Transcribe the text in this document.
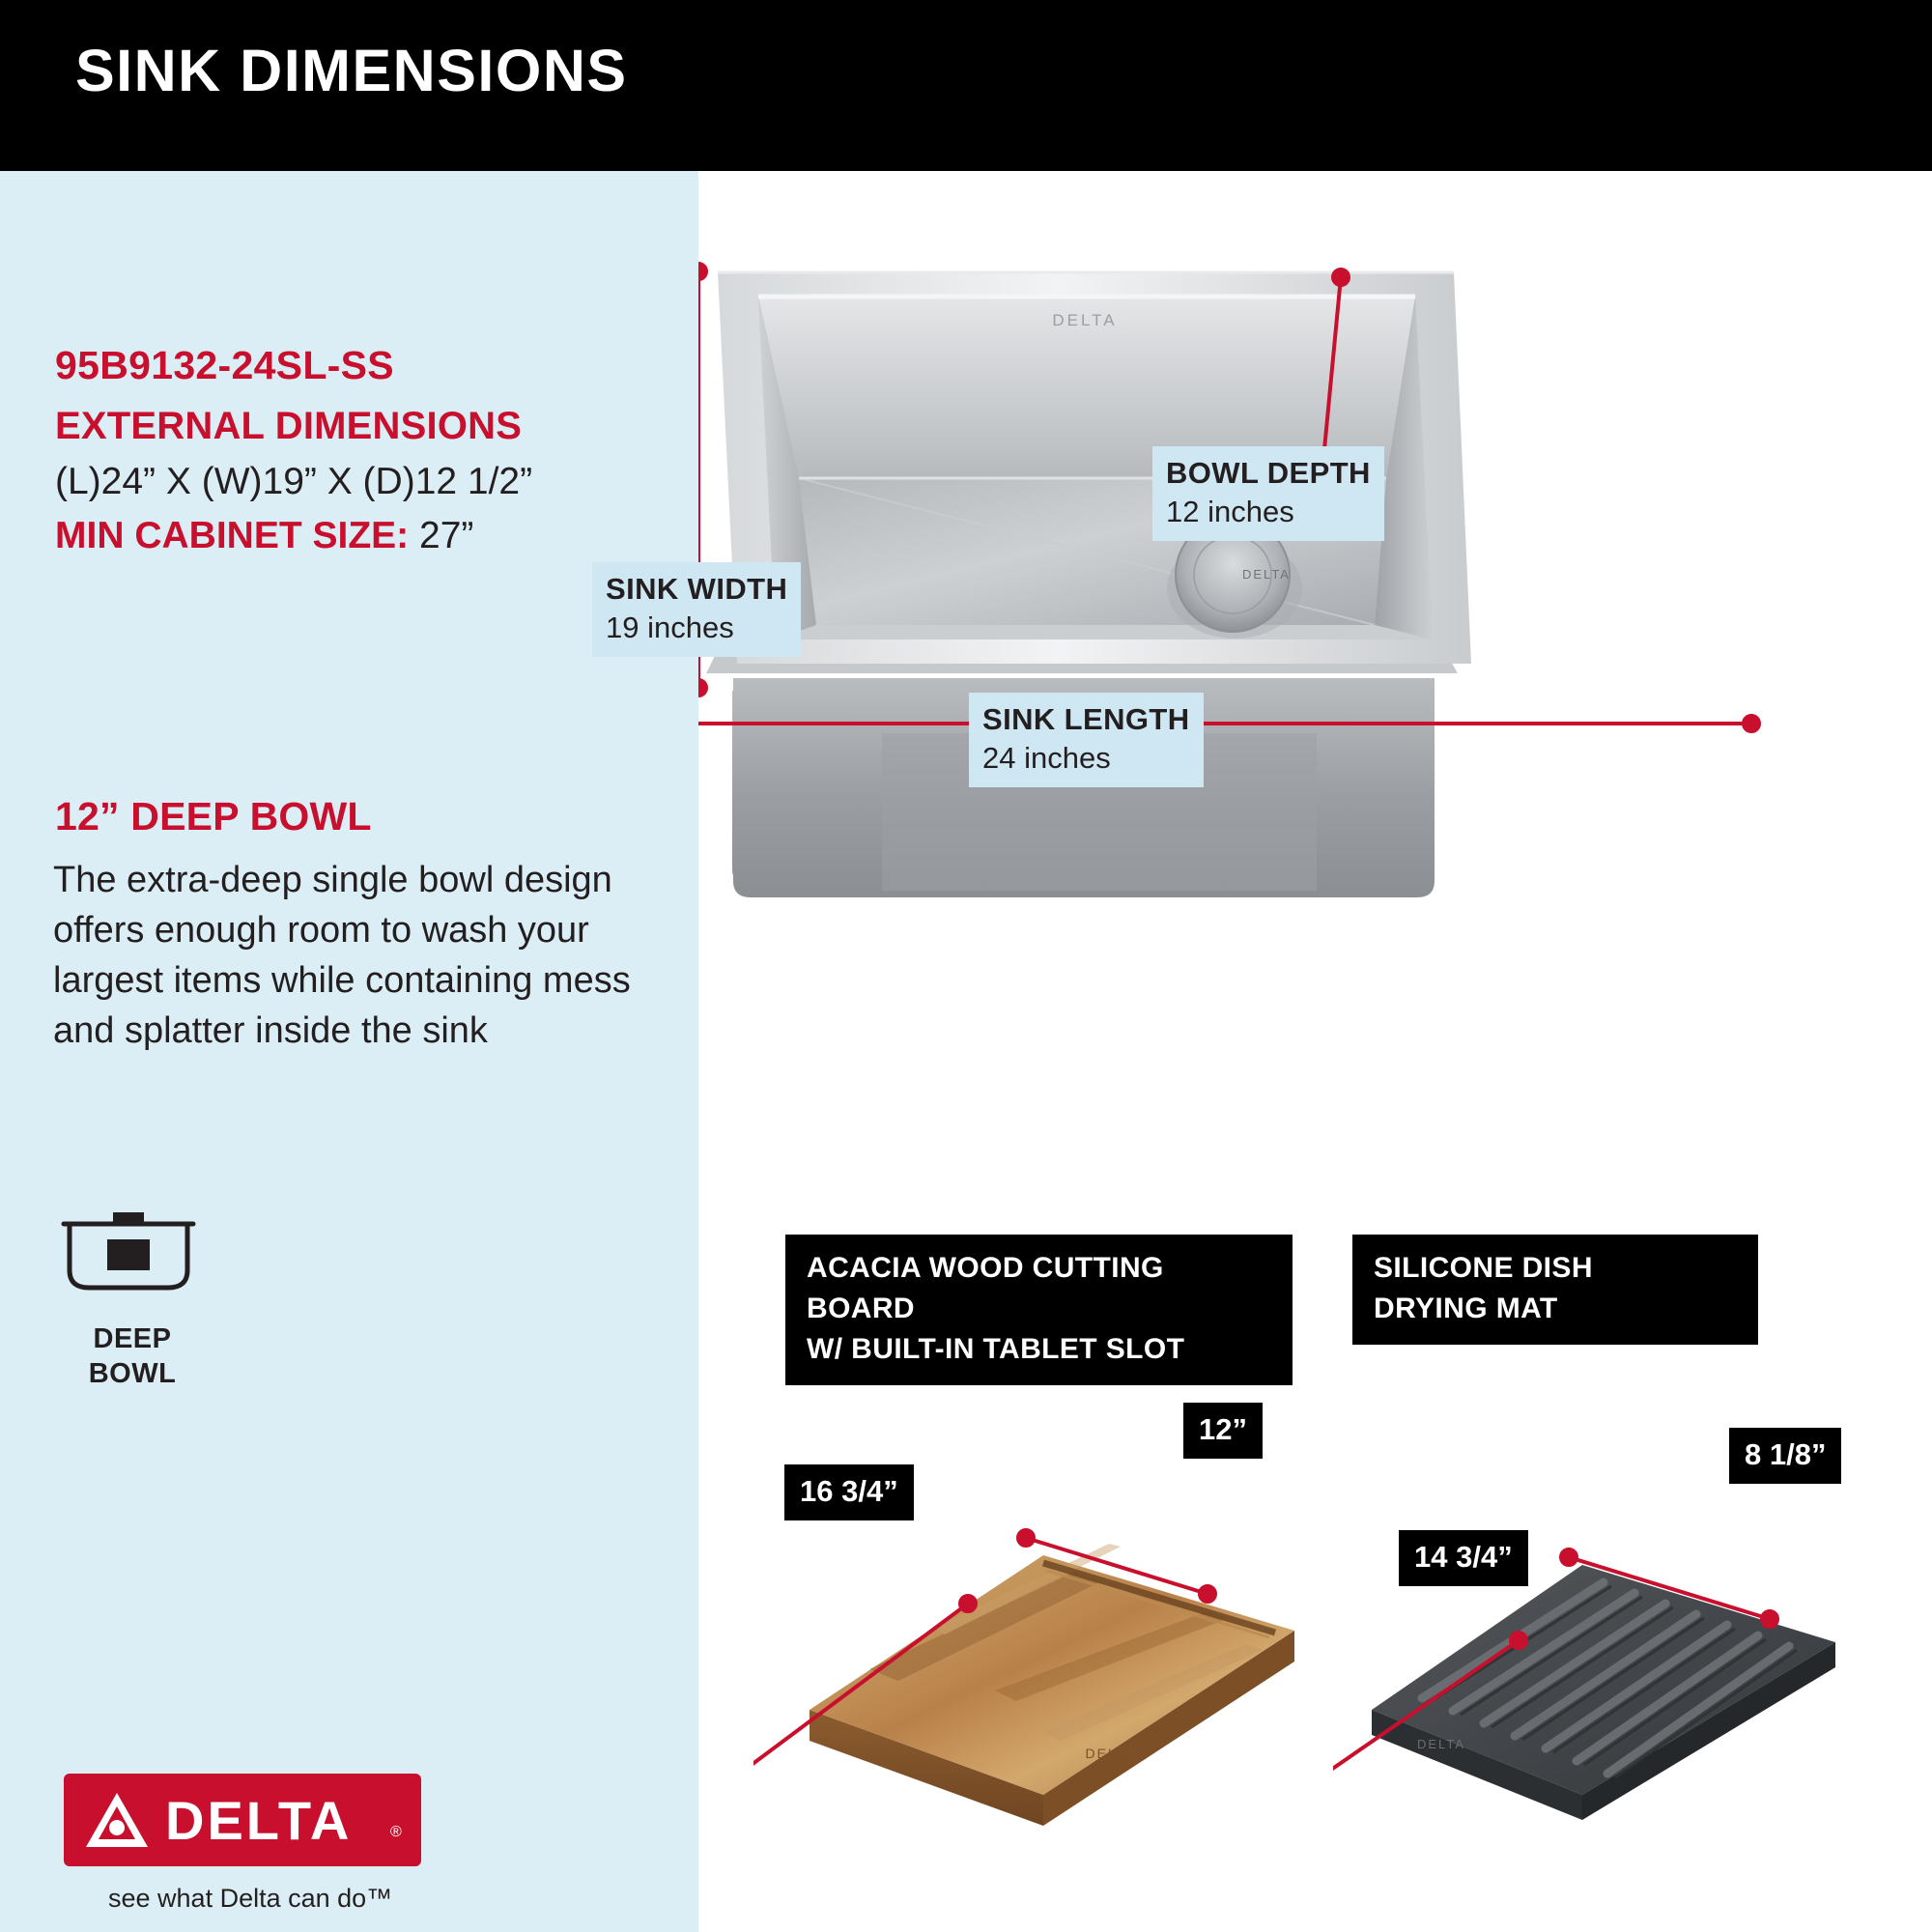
SINK DIMENSIONS
95B9132-24SL-SS
EXTERNAL DIMENSIONS
(L)24” X (W)19” X (D)12 1/2”
MIN CABINET SIZE: 27”
12” DEEP BOWL
The extra-deep single bowl design offers enough room to wash your largest items while containing mess and splatter inside the sink
DEEP
BOWL
DELTA ®
see what Delta can do™
DELTA
DELTA
BOWL DEPTH
12 inches
SINK WIDTH
19 inches
SINK LENGTH
24 inches
ACACIA WOOD CUTTING BOARD
W/ BUILT-IN TABLET SLOT
DELTA
16 3/4”
12”
SILICONE DISH
DRYING MAT
DELTA
14 3/4”
8 1/8”
